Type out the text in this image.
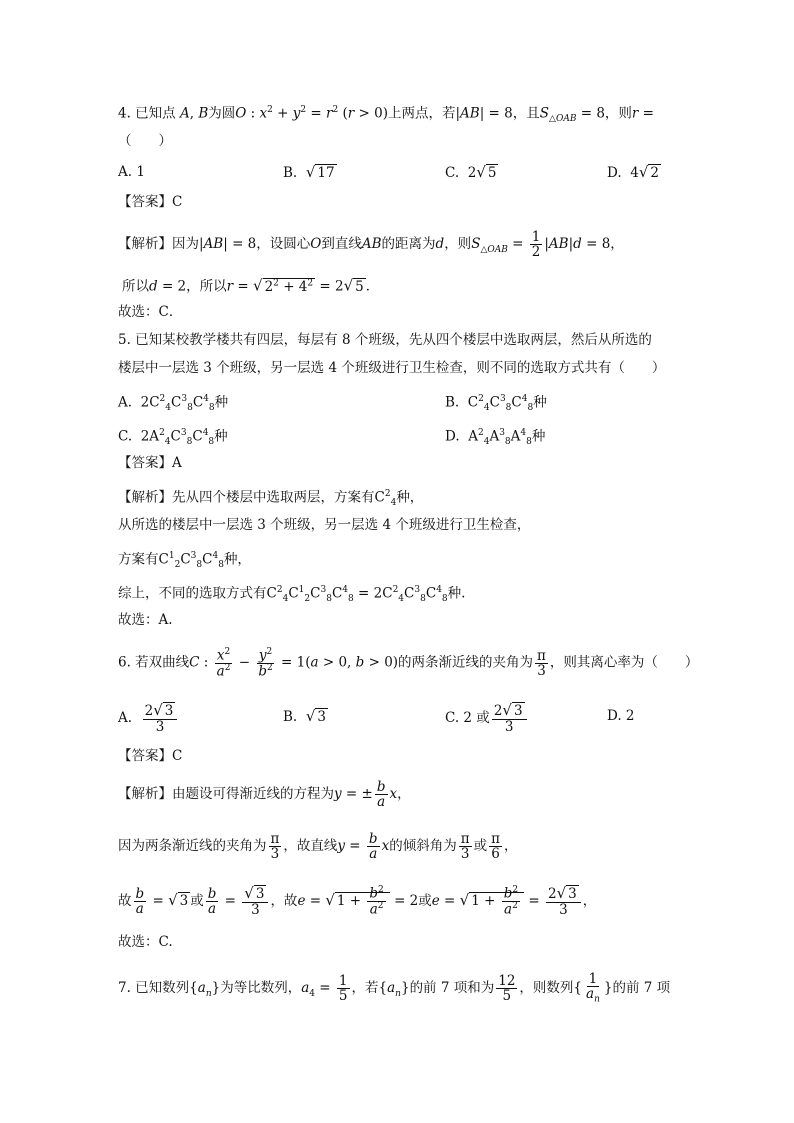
4. 已知点 A, B为圆O : $x^2 + y^2 = r^2$ (r > 0)上两点，若|AB| = 8，且$S_{\triangle OAB} = 8$，则r =
（　　）
A. 1	B. √ 17	C.  2√ 5	D.  4√ 2
【答案】C
【解析】因为|AB| = 8，设圆心O到直线AB的距离为d，则$S_{\triangle OAB} = \frac{1}{2} |AB|d = 8$，
所以d = 2，所以r = √ $2^2 + 4^2 = 2√$ 5 ．
故选：C．
5. 已知某校教学楼共有四层，每层有 8 个班级，先从四个楼层中选取两层，然后从所选的
楼层中一层选 3 个班级，另一层选 4 个班级进行卫生检查，则不同的选取方式共有（　　）
A.  $2C^2_4C^3_8C^4_8$种	B.  $C^2_4C^3_8C^4_8$种
C.  $2A^2_4C^3_8C^4_8$种	D.  $A^2_4A^3_8A^4_8$种
【答案】A
【解析】先从四个楼层中选取两层，方案有$C^2_4$种，
从所选的楼层中一层选 3 个班级，另一层选 4 个班级进行卫生检查，
方案有$C^1_2C^3_8C^4_8$种，
综上，不同的选取方式有$C^2_4C^1_2C^3_8C^4_8 = 2C^2_4C^3_8C^4_8$种.
故选：A.
6. 若双曲线C : $\frac{x^2}{a^2} - \frac{y^2}{b^2} = 1(a > 0$, b > 0)的两条渐近线的夹角为 $\frac{\pi}{3}$ ，则其离心率为（　　）
A. $\frac{2√ 3}{3}$	B. √ 3	C. 2 或 $\frac{2√ 3}{3}$	D. 2
【答案】C
【解析】由题设可得渐近线的方程为y = ± $\frac{b}{a}$ x，
因为两条渐近线的夹角为 $\frac{\pi}{3}$ ，故直线$y = \frac{b}{a}$ x的倾斜角为 $\frac{\pi}{3}$ 或 $\frac{\pi}{6}$ ，
故 $\frac{b}{a}$ = √ 3 或 $\frac{b}{a} = \frac{√ 3}{3}$ ，故e = √ $1 + \frac{b^2}{a^2} = 2$或e = √ $1 + \frac{b^2}{a^2} = \frac{2√ 3}{3}$ ，
故选：C.
7. 已知数列$\{a_n\}$为等比数列，$a_4 = \frac{1}{5}$ ，若$\{a_n\}$的前 7 项和为 $\frac{12}{5}$ ，则数列{ $\frac{1}{a_n}$ }的前 7 项
